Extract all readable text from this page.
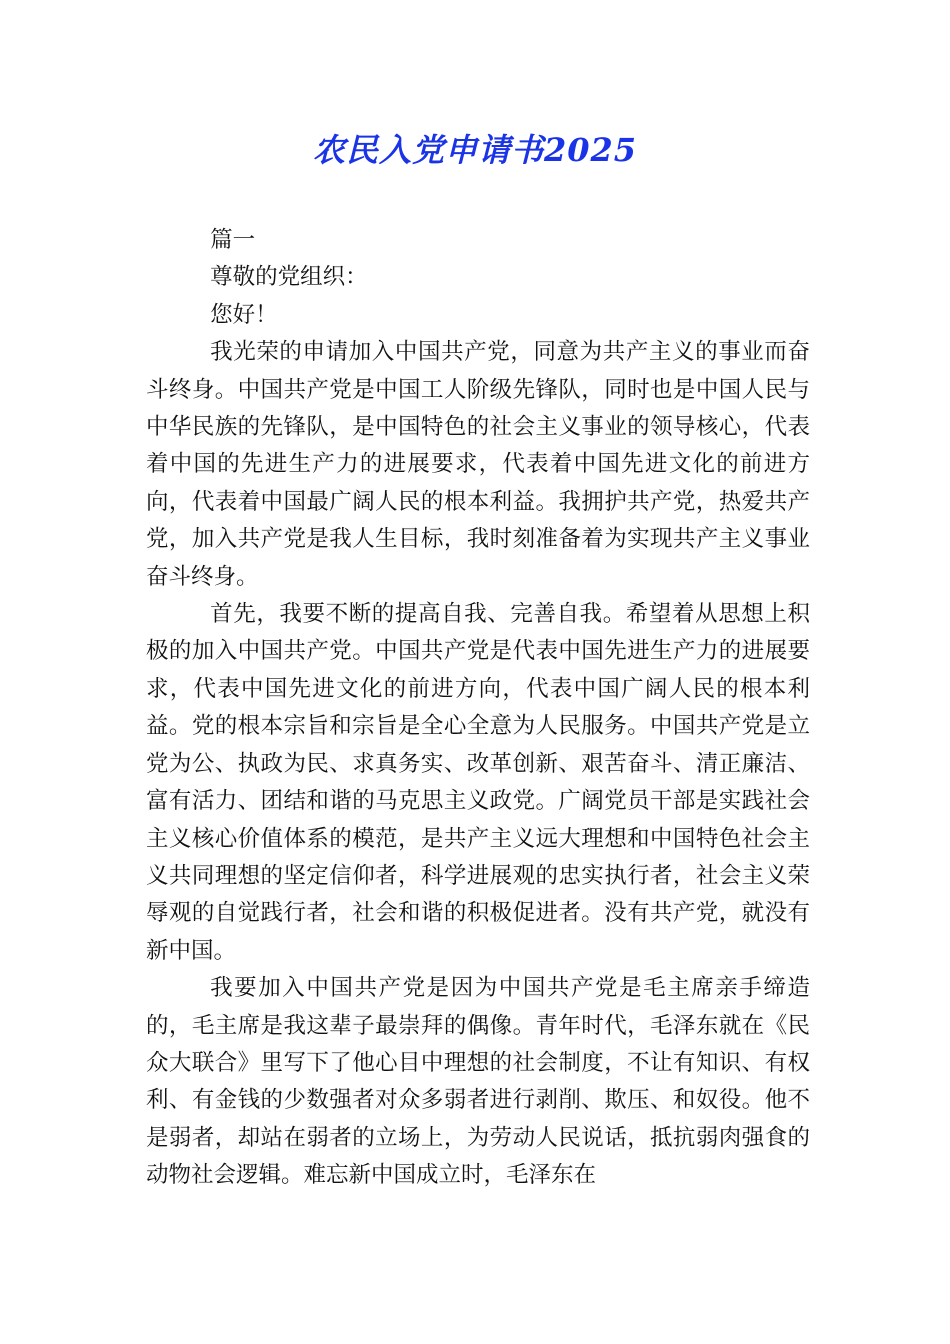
农民入党申请书2025

篇一

尊敬的党组织：

您好！

我光荣的申请加入中国共产党，同意为共产主义的事业而奋斗终身。中国共产党是中国工人阶级先锋队，同时也是中国人民与中华民族的先锋队，是中国特色的社会主义事业的领导核心，代表着中国的先进生产力的进展要求，代表着中国先进文化的前进方向，代表着中国最广阔人民的根本利益。我拥护共产党，热爱共产党，加入共产党是我人生目标，我时刻准备着为实现共产主义事业奋斗终身。

首先，我要不断的提高自我、完善自我。希望着从思想上积极的加入中国共产党。中国共产党是代表中国先进生产力的进展要求，代表中国先进文化的前进方向，代表中国广阔人民的根本利益。党的根本宗旨和宗旨是全心全意为人民服务。中国共产党是立党为公、执政为民、求真务实、改革创新、艰苦奋斗、清正廉洁、富有活力、团结和谐的马克思主义政党。广阔党员干部是实践社会主义核心价值体系的模范，是共产主义远大理想和中国特色社会主义共同理想的坚定信仰者，科学进展观的忠实执行者，社会主义荣辱观的自觉践行者，社会和谐的积极促进者。没有共产党，就没有新中国。

我要加入中国共产党是因为中国共产党是毛主席亲手缔造的，毛主席是我这辈子最崇拜的偶像。青年时代，毛泽东就在《民众大联合》里写下了他心目中理想的社会制度，不让有知识、有权利、有金钱的少数强者对众多弱者进行剥削、欺压、和奴役。他不是弱者，却站在弱者的立场上，为劳动人民说话，抵抗弱肉强食的动物社会逻辑。难忘新中国成立时，毛泽东在
